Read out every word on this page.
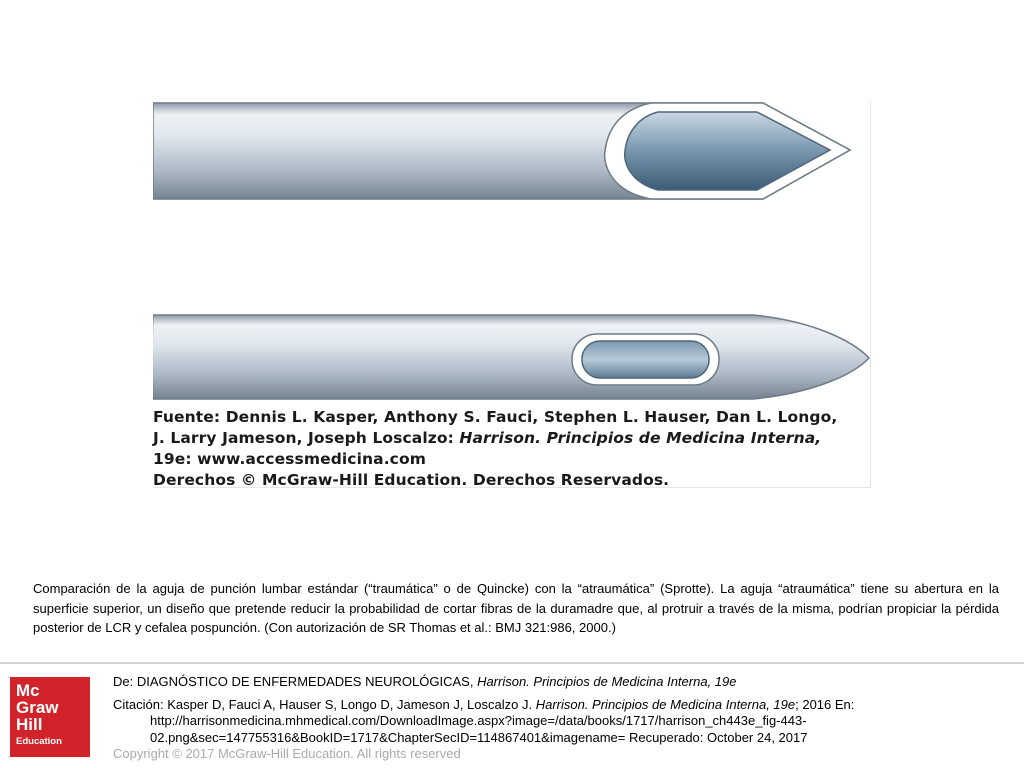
Fuente: Dennis L. Kasper, Anthony S. Fauci, Stephen L. Hauser, Dan L. Longo,
J. Larry Jameson, Joseph Loscalzo: Harrison. Principios de Medicina Interna,
19e: www.accessmedicina.com
Derechos © McGraw-Hill Education. Derechos Reservados.
Comparación de la aguja de punción lumbar estándar (“traumática” o de Quincke) con la “atraumática” (Sprotte). La aguja “atraumática” tiene su abertura en la superficie superior, un diseño que pretende reducir la probabilidad de cortar fibras de la duramadre que, al protruir a través de la misma, podrían propiciar la pérdida posterior de LCR y cefalea pospunción. (Con autorización de SR Thomas et al.: BMJ 321:986, 2000.)
Mc
Graw
Hill
Education
De: DIAGNÓSTICO DE ENFERMEDADES NEUROLÓGICAS, Harrison. Principios de Medicina Interna, 19e
Citación: Kasper D, Fauci A, Hauser S, Longo D, Jameson J, Loscalzo J. Harrison. Principios de Medicina Interna, 19e; 2016 En:
http://harrisonmedicina.mhmedical.com/DownloadImage.aspx?image=/data/books/1717/harrison_ch443e_fig-443-
02.png&sec=147755316&BookID=1717&ChapterSecID=114867401&imagename= Recuperado: October 24, 2017
Copyright © 2017 McGraw-Hill Education. All rights reserved
